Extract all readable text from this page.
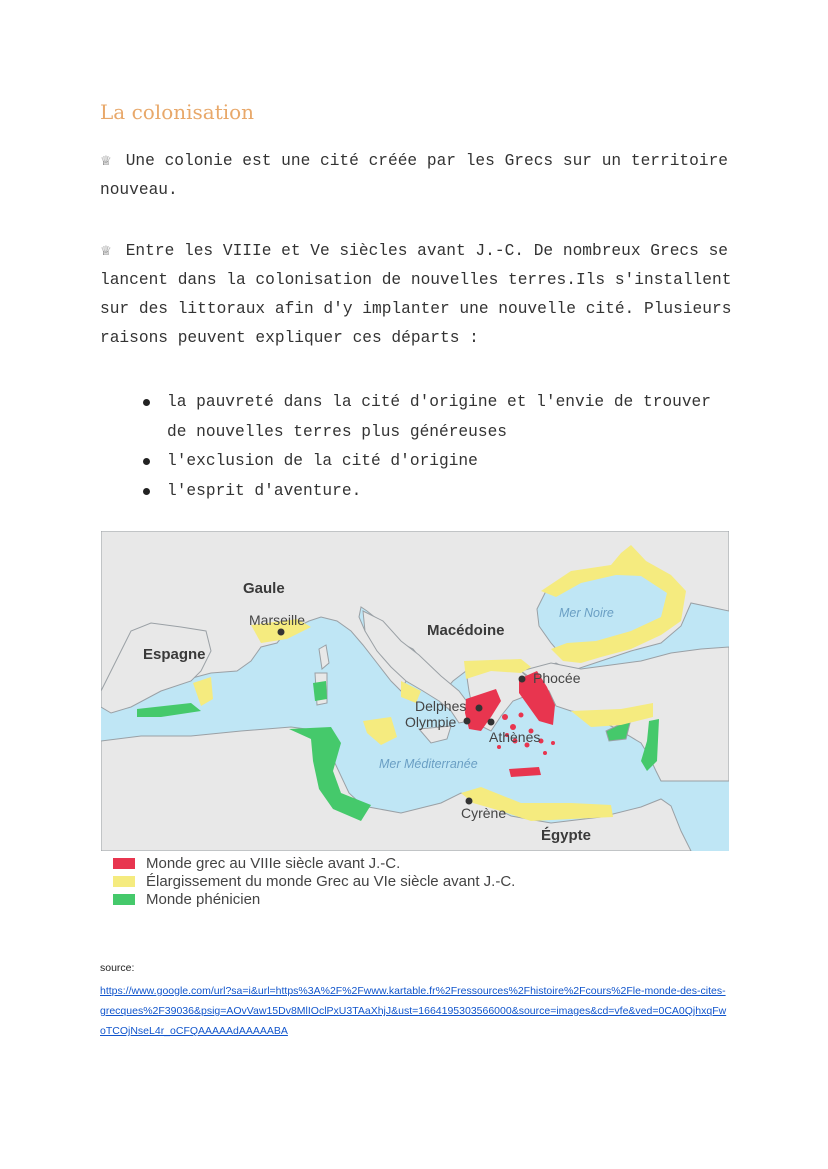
La colonisation

♕ Une colonie est une cité créée par les Grecs sur un territoire nouveau.

♕ Entre les VIIIe et Ve siècles avant J.-C. De nombreux Grecs se lancent dans la colonisation de nouvelles terres.Ils s'installent sur des littoraux afin d'y implanter une nouvelle cité. Plusieurs raisons peuvent expliquer ces départs :

la pauvreté dans la cité d'origine et l'envie de trouver de nouvelles terres plus généreuses
l'exclusion de la cité d'origine
l'esprit d'aventure.
Gaule
Macédoine
Espagne
Égypte
Marseille
Phocée
Delphes
Olympie
Athènes
Cyrène
Mer Noire
Mer Méditerranée
Monde grec au VIIIe siècle avant J.-C.
Élargissement du monde Grec au VIe siècle avant J.-C.
Monde phénicien
source:
https://www.google.com/url?sa=i&url=https%3A%2F%2Fwww.kartable.fr%2Fressources%2Fhistoire%2Fcours%2Fle-monde-des-cites-grecques%2F39036&psig=AOvVaw15Dv8MlIOclPxU3TAaXhjJ&ust=1664195303566000&source=images&cd=vfe&ved=0CA0QjhxqFwoTCOjNseL4r_oCFQAAAAAdAAAAABA
